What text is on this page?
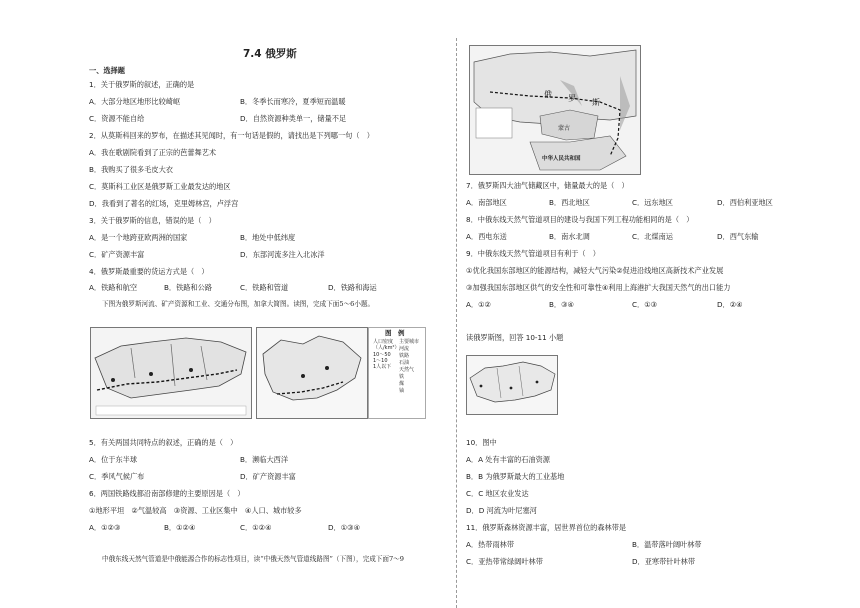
7.4 俄罗斯
一、选择题
1．关于俄罗斯的叙述，正确的是
A．大部分地区地形比较崎岖	B．冬季长而寒冷，夏季短而温暖
C．资源不能自给	D．自然资源种类单一，储量不足
2．从莫斯科回来的罗布，在描述其见闻时，有一句话是假的，请找出是下列哪一句（　）
A．我在歌剧院看到了正宗的芭蕾舞艺术
B．我购买了很多毛皮大衣
C．莫斯科工业区是俄罗斯工业最发达的地区
D．我看到了著名的红场，克里姆林宫，卢浮宫
3．关于俄罗斯的信息，错误的是（　）
A．是一个地跨亚欧两洲的国家	B．地处中低纬度
C．矿产资源丰富	D．东部河流多注入北冰洋
4．俄罗斯最重要的货运方式是（　）
A．铁路和航空	B．铁路和公路	C．铁路和管道	D．铁路和海运
下图为俄罗斯河流、矿产资源和工业、交通分布图，加拿大简图。读图，完成下面5～6小题。
图　例
人口密度
（人/km²）
10～50
1～10
1人以下
主要城市
河流
铁路
石油
天然气
铁
煤
铀
5．有关两国共同特点的叙述，正确的是（　）
A．位于东半球	B．濒临大西洋
C．季风气候广布	D．矿产资源丰富
6．两国铁路线都沿南部修建的主要原因是（　）
①地形平坦　②气温较高　③资源、工业区集中　④人口、城市较多
A．①②③	B．①②④	C．①②④	D．①③④
中俄东线天然气管道是中俄能源合作的标志性项目，读“中俄天然气管道线路图”（下图），完成下面7～9
俄 罗 斯
蒙古
中华人民共和国
7．俄罗斯四大油气储藏区中，储量最大的是（　）
A．南部地区	B．西北地区	C．远东地区	D．西伯利亚地区
8．中俄东线天然气管道项目的建设与我国下列工程功能相同的是（　）
A．西电东送	B．南水北调	C．北煤南运	D．西气东输
9．中俄东线天然气管道项目有利于（　）
①优化我国东部地区的能源结构，减轻大气污染②促进沿线地区高新技术产业发展
③加强我国东部地区供气的安全性和可靠性④利用上海港扩大我国天然气的出口能力
A．①②	B．③④	C．①③	D．②④
读俄罗斯图，回答 10-11 小题
10．图中
A．A 处有丰富的石油资源
B．B 为俄罗斯最大的工业基地
C．C 地区农业发达
D．D 河流为叶尼塞河
11．俄罗斯森林资源丰富，居世界首位的森林带是
A．热带雨林带	B．温带落叶阔叶林带
C．亚热带常绿阔叶林带	D．亚寒带针叶林带
